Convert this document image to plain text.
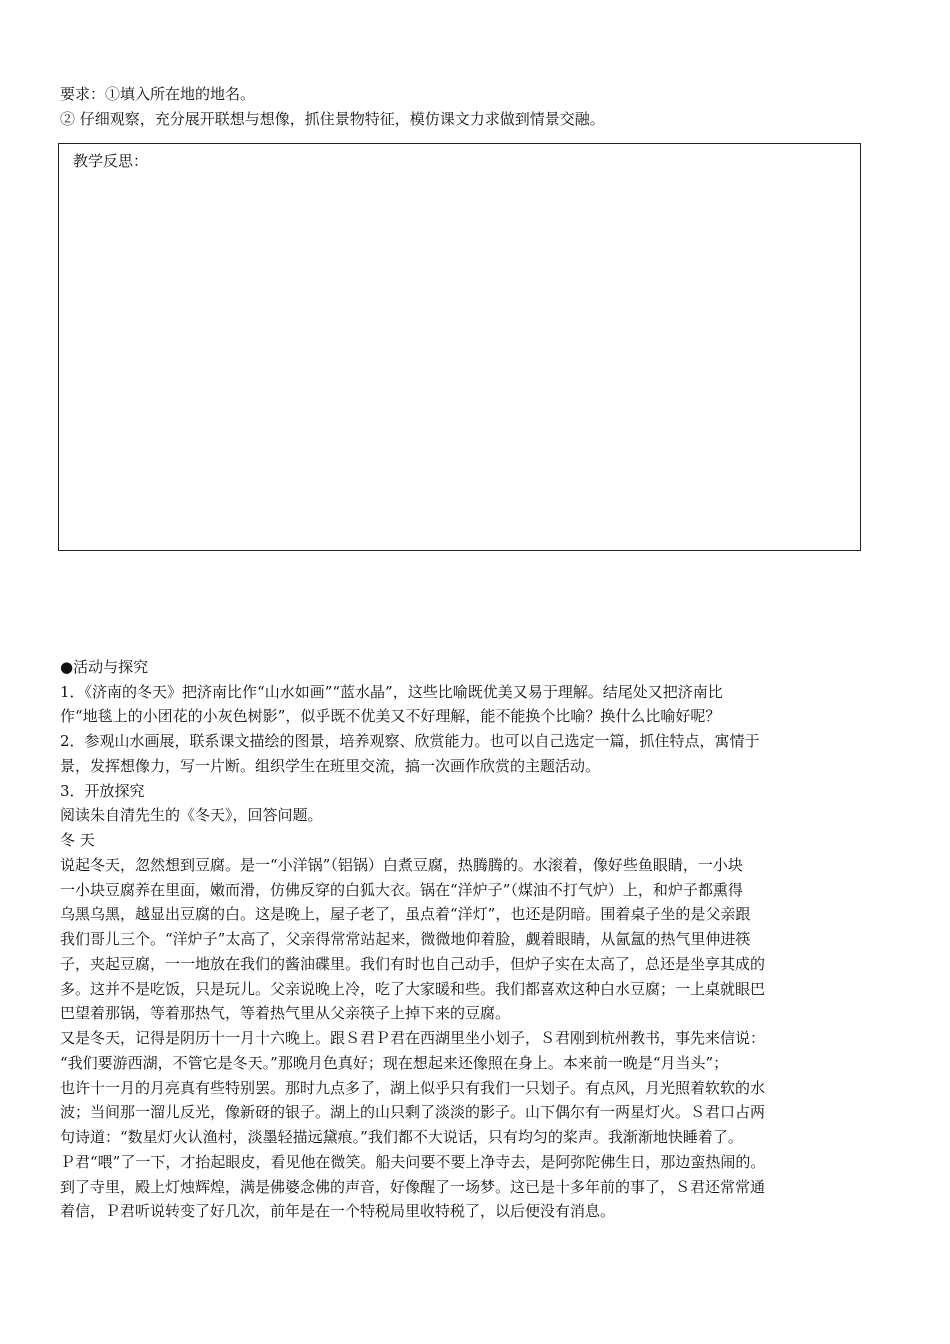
要求：①填入所在地的地名。
② 仔细观察，充分展开联想与想像，抓住景物特征，模仿课文力求做到情景交融。
教学反思：
●活动与探究
1．《济南的冬天》把济南比作“山水如画”“蓝水晶”，这些比喻既优美又易于理解。结尾处又把济南比
作“地毯上的小团花的小灰色树影”，似乎既不优美又不好理解，能不能换个比喻？换什么比喻好呢？
2．参观山水画展，联系课文描绘的图景，培养观察、欣赏能力。也可以自己选定一篇，抓住特点，寓情于
景，发挥想像力，写一片断。组织学生在班里交流，搞一次画作欣赏的主题活动。
3．开放探究
阅读朱自清先生的《冬天》，回答问题。
冬 天
说起冬天，忽然想到豆腐。是一“小洋锅”（铝锅）白煮豆腐，热腾腾的。水滚着，像好些鱼眼睛，一小块
一小块豆腐养在里面，嫩而滑，仿佛反穿的白狐大衣。锅在“洋炉子”（煤油不打气炉）上，和炉子都熏得
乌黑乌黑，越显出豆腐的白。这是晚上，屋子老了，虽点着“洋灯”，也还是阴暗。围着桌子坐的是父亲跟
我们哥儿三个。“洋炉子”太高了，父亲得常常站起来，微微地仰着脸，觑着眼睛，从氤氲的热气里伸进筷
子，夹起豆腐，一一地放在我们的酱油碟里。我们有时也自己动手，但炉子实在太高了，总还是坐享其成的
多。这并不是吃饭，只是玩儿。父亲说晚上冷，吃了大家暖和些。我们都喜欢这种白水豆腐；一上桌就眼巴
巴望着那锅，等着那热气，等着热气里从父亲筷子上掉下来的豆腐。
又是冬天，记得是阴历十一月十六晚上。跟Ｓ君Ｐ君在西湖里坐小划子，Ｓ君刚到杭州教书，事先来信说：
“我们要游西湖，不管它是冬天。”那晚月色真好；现在想起来还像照在身上。本来前一晚是“月当头”；
也许十一月的月亮真有些特别罢。那时九点多了，湖上似乎只有我们一只划子。有点风，月光照着软软的水
波；当间那一溜儿反光，像新砑的银子。湖上的山只剩了淡淡的影子。山下偶尔有一两星灯火。Ｓ君口占两
句诗道：“数星灯火认渔村，淡墨轻描远黛痕。”我们都不大说话，只有均匀的桨声。我渐渐地快睡着了。
Ｐ君“喂”了一下，才抬起眼皮，看见他在微笑。船夫问要不要上净寺去，是阿弥陀佛生日，那边蛮热闹的。
到了寺里，殿上灯烛辉煌，满是佛婆念佛的声音，好像醒了一场梦。这已是十多年前的事了，Ｓ君还常常通
着信，Ｐ君听说转变了好几次，前年是在一个特税局里收特税了，以后便没有消息。
